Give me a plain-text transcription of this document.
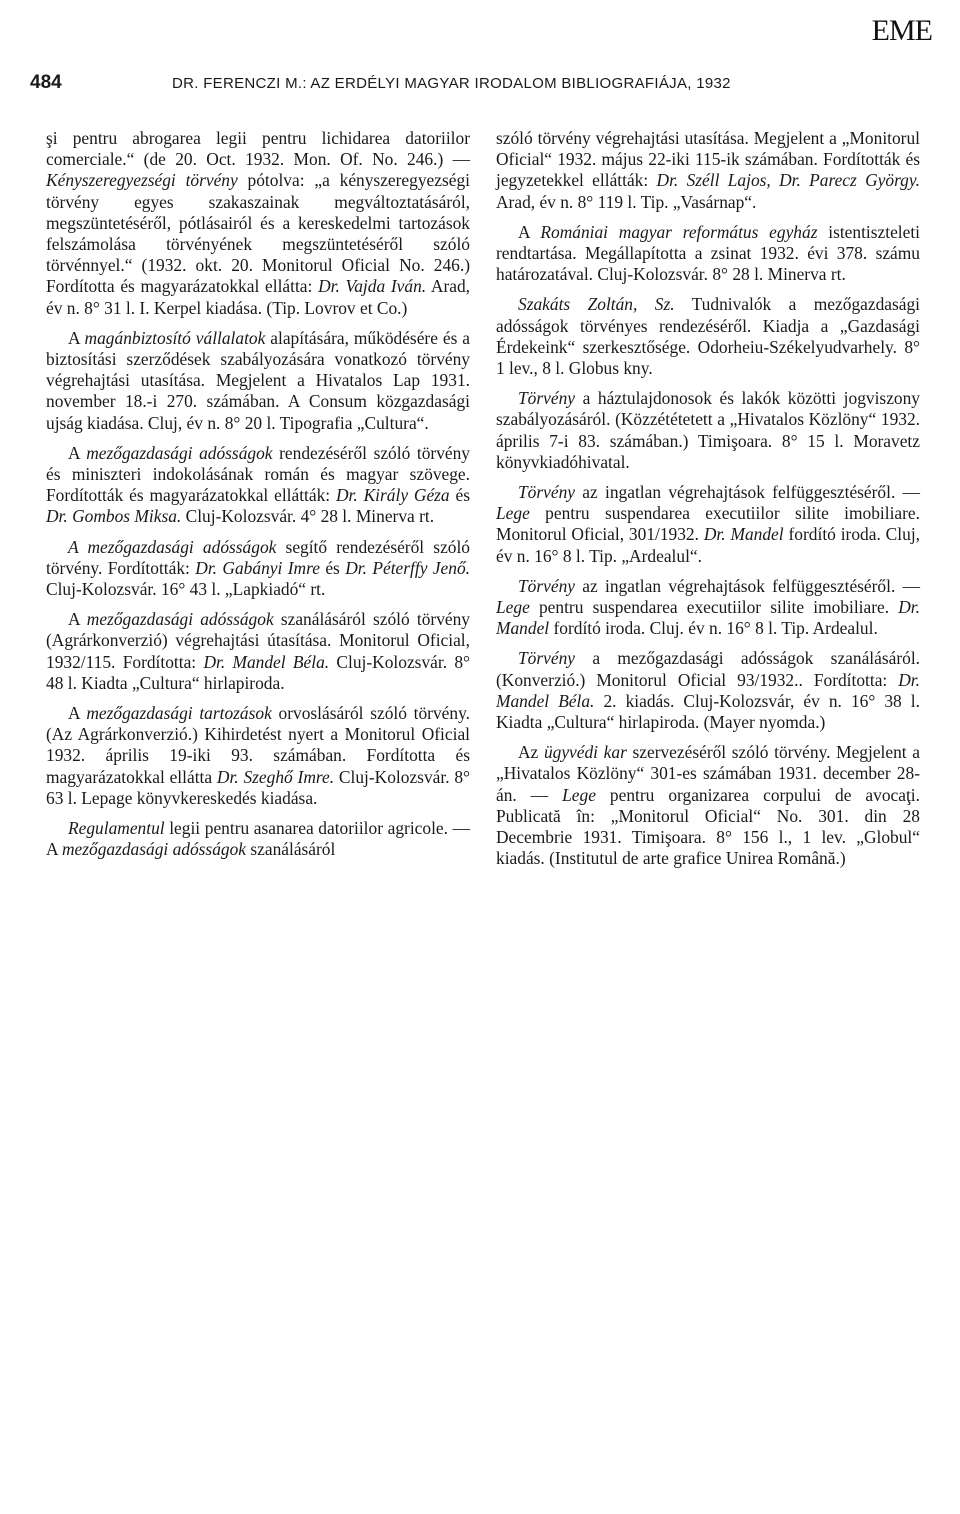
EME
484	DR. FERENCZI M.: AZ ERDÉLYI MAGYAR IRODALOM BIBLIOGRAFIÁJA, 1932

şi pentru abrogarea legii pentru lichidarea datoriilor comerciale.“ (de 20. Oct. 1932. Mon. Of. No. 246.) — Kényszeregyezségi törvény pótolva: „a kényszeregyezségi törvény egyes szakaszainak megváltoztatásáról, megszüntetéséről, pótlásairól és a kereskedelmi tartozások felszámolása törvényének megszüntetéséről szóló törvénnyel.“ (1932. okt. 20. Monitorul Oficial No. 246.) Fordította és magyarázatokkal ellátta: Dr. Vajda Iván. Arad, év n. 8° 31 l. I. Kerpel kiadása. (Tip. Lovrov et Co.)

A magánbiztosító vállalatok alapítására, működésére és a biztosítási szerződések szabályozására vonatkozó törvény végrehajtási utasítása. Megjelent a Hivatalos Lap 1931. november 18.-i 270. számában. A Consum közgazdasági ujság kiadása. Cluj, év n. 8° 20 l. Tipografia „Cultura“.

A mezőgazdasági adósságok rendezéséről szóló törvény és miniszteri indokolásának román és magyar szövege. Fordították és magyarázatokkal ellátták: Dr. Király Géza és Dr. Gombos Miksa. Cluj-Kolozsvár. 4° 28 l. Minerva rt.

A mezőgazdasági adósságok segítő rendezéséről szóló törvény. Fordították: Dr. Gabányi Imre és Dr. Péterffy Jenő. Cluj-Kolozsvár. 16° 43 l. „Lapkiadó“ rt.

A mezőgazdasági adósságok szanálásáról szóló törvény (Agrárkonverzió) végrehajtási útasítása. Monitorul Oficial, 1932/115. Fordította: Dr. Mandel Béla. Cluj-Kolozsvár. 8° 48 l. Kiadta „Cultura“ hirlapiroda.

A mezőgazdasági tartozások orvoslásáról szóló törvény. (Az Agrárkonverzió.) Kihirdetést nyert a Monitorul Oficial 1932. április 19-iki 93. számában. Fordította és magyarázatokkal ellátta Dr. Szeghő Imre. Cluj-Kolozsvár. 8° 63 l. Lepage könyvkereskedés kiadása.

Regulamentul legii pentru asanarea datoriilor agricole. — A mezőgazdasági adósságok szanálásáról

szóló törvény végrehajtási utasítása. Megjelent a „Monitorul Oficial“ 1932. május 22-iki 115-ik számában. Fordították és jegyzetekkel ellátták: Dr. Széll Lajos, Dr. Parecz György. Arad, év n. 8° 119 l. Tip. „Vasárnap“.

A Romániai magyar református egyház istentiszteleti rendtartása. Megállapította a zsinat 1932. évi 378. számu határozatával. Cluj-Kolozsvár. 8° 28 l. Minerva rt.

Szakáts Zoltán, Sz. Tudnivalók a mezőgazdasági adósságok törvényes rendezéséről. Kiadja a „Gazdasági Érdekeink“ szerkesztősége. Odorheiu-Székelyudvarhely. 8° 1 lev., 8 l. Globus kny.

Törvény a háztulajdonosok és lakók közötti jogviszony szabályozásáról. (Közzététetett a „Hivatalos Közlöny“ 1932. április 7-i 83. számában.) Timişoara. 8° 15 l. Moravetz könyvkiadóhivatal.

Törvény az ingatlan végrehajtások felfüggesztéséről. — Lege pentru suspendarea executiilor silite imobiliare. Monitorul Oficial, 301/1932. Dr. Mandel fordító iroda. Cluj, év n. 16° 8 l. Tip. „Ardealul“.

Törvény az ingatlan végrehajtások felfüggesztéséről. — Lege pentru suspendarea executiilor silite imobiliare. Dr. Mandel fordító iroda. Cluj. év n. 16° 8 l. Tip. Ardealul.

Törvény a mezőgazdasági adósságok szanálásáról. (Konverzió.) Monitorul Oficial 93/1932.. Fordította: Dr. Mandel Béla. 2. kiadás. Cluj-Kolozsvár, év n. 16° 38 l. Kiadta „Cultura“ hirlapiroda. (Mayer nyomda.)

Az ügyvédi kar szervezéséről szóló törvény. Megjelent a „Hivatalos Közlöny“ 301-es számában 1931. december 28-án. — Lege pentru organizarea corpului de avocaţi. Publicată în: „Monitorul Oficial“ No. 301. din 28 Decembrie 1931. Timişoara. 8° 156 l., 1 lev. „Globul“ kiadás. (Institutul de arte grafice Unirea Română.)
